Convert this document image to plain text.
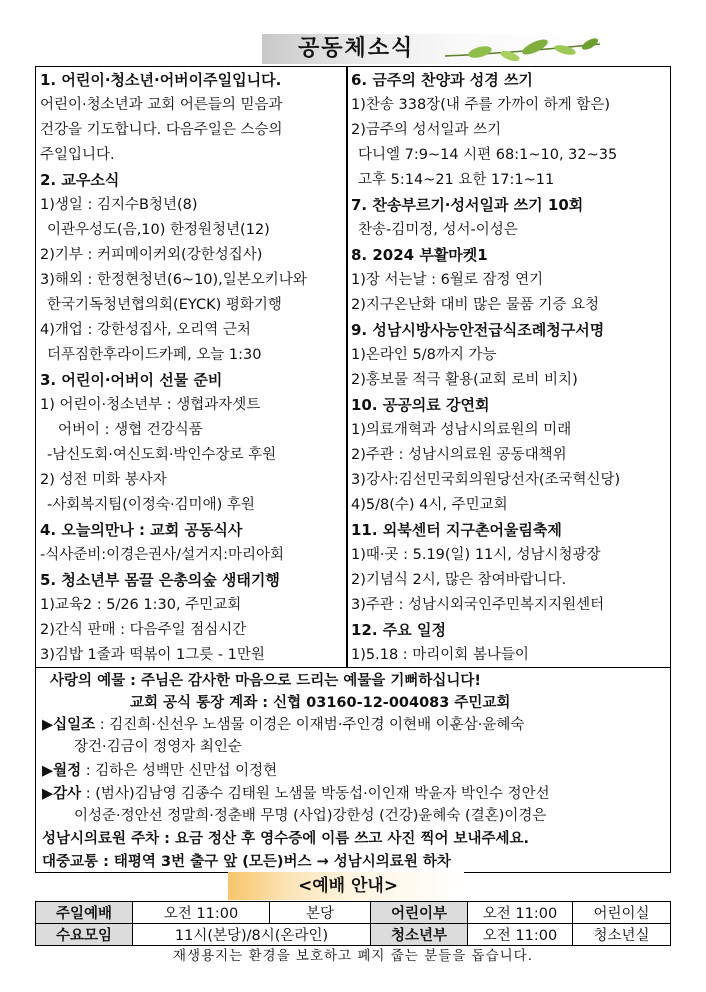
공동체소식
1. 어린이·청소년·어버이주일입니다.
어린이·청소년과 교회 어른들의 믿음과
건강을 기도합니다. 다음주일은 스승의
주일입니다.
2. 교우소식
1)생일 : 김지수B청년(8)
이관우성도(음,10) 한정원청년(12)
2)기부 : 커피메이커외(강한성집사)
3)해외 : 한정현청년(6~10),일본오키나와
한국기독청년협의회(EYCK) 평화기행
4)개업 : 강한성집사, 오리역 근처
더푸짐한후라이드카페, 오늘 1:30
3. 어린이·어버이 선물 준비
1) 어린이·청소년부 : 생협과자셋트
어버이 : 생협 건강식품
-남신도회·여신도회·박인수장로 후원
2) 성전 미화 봉사자
-사회복지팀(이정숙·김미애) 후원
4. 오늘의만나 : 교회 공동식사
-식사준비:이경은권사/설거지:마리아회
5. 청소년부 몸끌 은총의숲 생태기행
1)교육2 : 5/26 1:30, 주민교회
2)간식 판매 : 다음주일 점심시간
3)김밥 1줄과 떡볶이 1그릇 - 1만원
6. 금주의 찬양과 성경 쓰기
1)찬송 338장(내 주를 가까이 하게 함은)
2)금주의 성서일과 쓰기
다니엘 7:9~14 시편 68:1~10, 32~35
고후 5:14~21 요한 17:1~11
7. 찬송부르기·성서일과 쓰기 10회
찬송-김미정, 성서-이성은
8. 2024 부활마켓1
1)장 서는날 : 6월로 잠정 연기
2)지구온난화 대비 많은 물품 기증 요청
9. 성남시방사능안전급식조례청구서명
1)온라인 5/8까지 가능
2)홍보물 적극 활용(교회 로비 비치)
10. 공공의료 강연회
1)의료개혁과 성남시의료원의 미래
2)주관 : 성남시의료원 공동대책위
3)강사:김선민국회의원당선자(조국혁신당)
4)5/8(수) 4시, 주민교회
11. 외북센터 지구촌어울림축제
1)때·곳 : 5.19(일) 11시, 성남시청광장
2)기념식 2시, 많은 참여바랍니다.
3)주관 : 성남시외국인주민복지지원센터
12. 주요 일정
1)5.18 : 마리이회 봄나들이
사랑의 예물 : 주님은 감사한 마음으로 드리는 예물을 기뻐하십니다!
교회 공식 통장 계좌 : 신협 03160-12-004083 주민교회
▶십일조 : 김진희·신선우 노샘물 이경은 이재범·주인경 이현배 이훈삼·윤혜숙
장건·김금이 정영자 최인순
▶월정 : 김하은 성백만 신만섭 이정현
▶감사 : (범사)김남영 김종수 김태원 노샘물 박동섭·이인재 박윤자 박인수 정안선
이성준·정안선 정말희·정춘배 무명 (사업)강한성 (건강)윤혜숙 (결혼)이경은
성남시의료원 주차 : 요금 정산 후 영수증에 이름 쓰고 사진 찍어 보내주세요.
대중교통 : 태평역 3번 출구 앞 (모든)버스 → 성남시의료원 하차
<예배 안내>
주일예배	오전 11:00	본당	어린이부	오전 11:00	어린이실
수요모임	11시(본당)/8시(온라인)		청소년부	오전 11:00	청소년실
재생용지는 환경을 보호하고 폐지 줍는 분들을 돕습니다.
